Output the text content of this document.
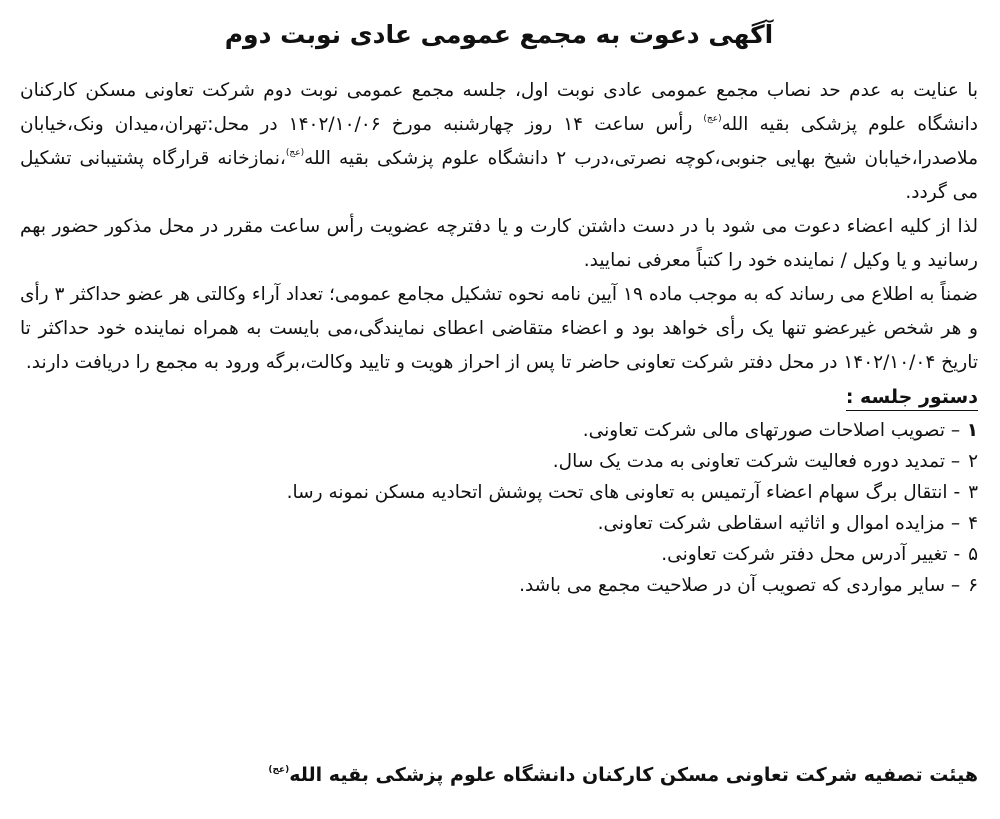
آگهی دعوت به مجمع عمومی عادی نوبت دوم

با عنایت به عدم حد نصاب مجمع عمومی عادی نوبت اول، جلسه مجمع عمومی نوبت دوم شرکت تعاونی مسکن کارکنان دانشگاه علوم پزشکی بقیه الله$^{(عج)}$ رأس ساعت ۱۴ روز چهارشنبه مورخ ۱۴۰۲/۱۰/۰۶ در محل:تهران،میدان ونک،خیابان ملاصدرا،خیابان شیخ بهایی جنوبی،کوچه نصرتی،درب ۲ دانشگاه علوم پزشکی بقیه الله$^{(عج)}$،نمازخانه قرارگاه پشتیبانی تشکیل می گردد.

لذا از کلیه اعضاء دعوت می شود با در دست داشتن کارت و یا دفترچه عضویت رأس ساعت مقرر در محل مذکور حضور بهم رسانید و یا وکیل / نماینده خود را کتباً معرفی نمایید.

ضمناً به اطلاع می رساند که به موجب ماده ۱۹ آیین نامه نحوه تشکیل مجامع عمومی؛ تعداد آراء وکالتی هر عضو حداکثر ۳ رأی و هر شخص غیرعضو تنها یک رأی خواهد بود و اعضاء متقاضی اعطای نمایندگی،می بایست به همراه نماینده خود حداکثر تا تاریخ ۱۴۰۲/۱۰/۰۴ در محل دفتر شرکت تعاونی حاضر تا پس از احراز هویت و تایید وکالت،برگه ورود به مجمع را دریافت دارند.

دستور جلسه :
۱ – تصویب اصلاحات صورتهای مالی شرکت تعاونی.
۲ – تمدید دوره فعالیت شرکت تعاونی به مدت یک سال.
۳ - انتقال برگ سهام اعضاء آرتمیس به تعاونی های تحت پوشش اتحادیه مسکن نمونه رسا.
۴ – مزایده اموال و اثاثیه اسقاطی شرکت تعاونی.
۵ - تغییر آدرس محل دفتر شرکت تعاونی.
۶ – سایر مواردی که تصویب آن در صلاحیت مجمع می باشد.

هیئت تصفیه شرکت تعاونی مسکن کارکنان دانشگاه علوم پزشکی بقیه الله$^{(عج)}$
